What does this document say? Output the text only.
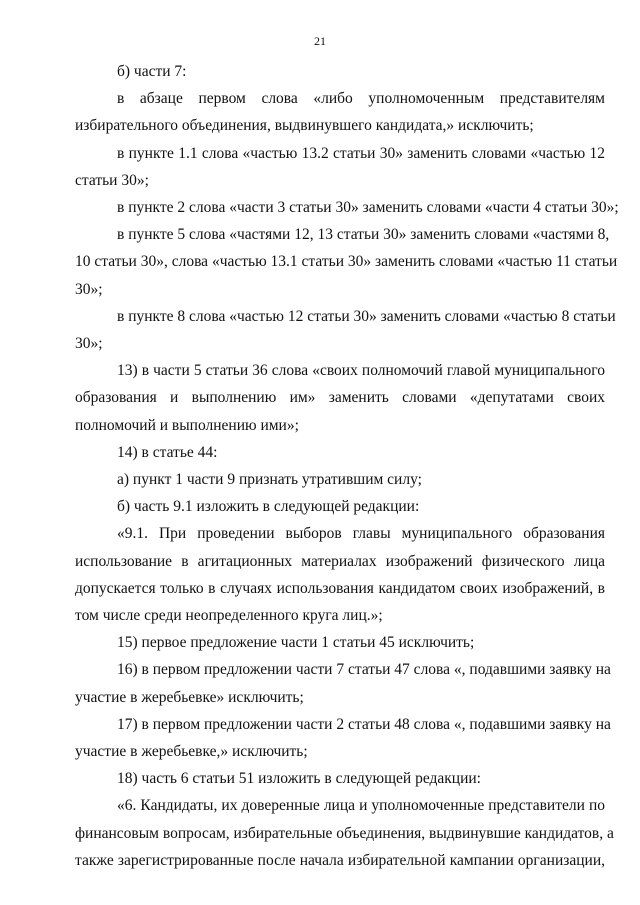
21
б) части 7:
в абзаце первом слова «либо уполномоченным представителям
избирательного объединения, выдвинувшего кандидата,» исключить;
в пункте 1.1 слова «частью 13.2 статьи 30» заменить словами «частью 12
статьи 30»;
в пункте 2 слова «части 3 статьи 30» заменить словами «части 4 статьи 30»;
в пункте 5 слова «частями 12, 13 статьи 30» заменить словами «частями 8,
10 статьи 30», слова «частью 13.1 статьи 30» заменить словами «частью 11 статьи
30»;
в пункте 8 слова «частью 12 статьи 30» заменить словами «частью 8 статьи
30»;
13) в части 5 статьи 36 слова «своих полномочий главой муниципального
образования и выполнению им» заменить словами «депутатами своих
полномочий и выполнению ими»;
14) в статье 44:
а) пункт 1 части 9 признать утратившим силу;
б) часть 9.1 изложить в следующей редакции:
«9.1. При проведении выборов главы муниципального образования
использование в агитационных материалах изображений физического лица
допускается только в случаях использования кандидатом своих изображений, в
том числе среди неопределенного круга лиц.»;
15) первое предложение части 1 статьи 45 исключить;
16) в первом предложении части 7 статьи 47 слова «, подавшими заявку на
участие в жеребьевке» исключить;
17) в первом предложении части 2 статьи 48 слова «, подавшими заявку на
участие в жеребьевке,» исключить;
18) часть 6 статьи 51 изложить в следующей редакции:
«6. Кандидаты, их доверенные лица и уполномоченные представители по
финансовым вопросам, избирательные объединения, выдвинувшие кандидатов, а
также зарегистрированные после начала избирательной кампании организации,
